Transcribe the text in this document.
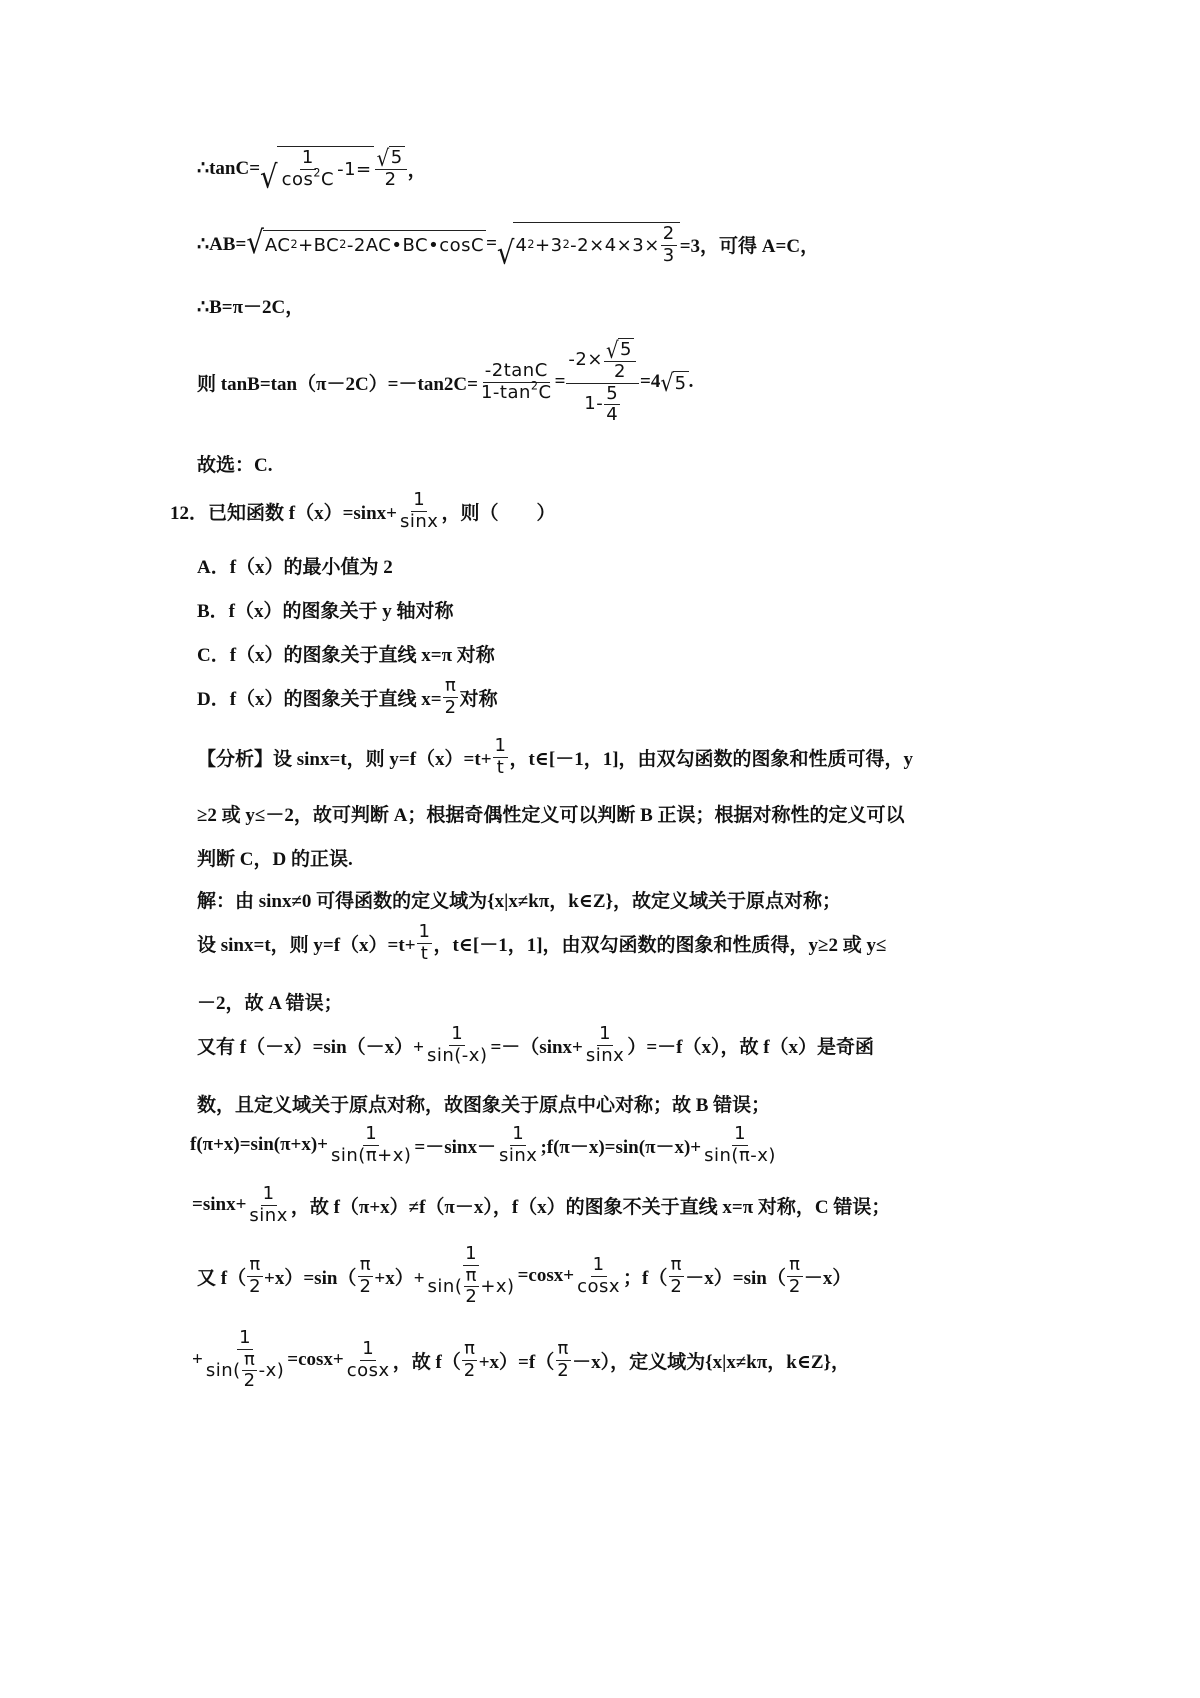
∴tanC= √ $\frac{1}{\cos^2C} -1= \frac{√ 5}{2}$ ，
∴AB= √ AC 2 +BC 2 -2AC•BC•cosC = √ 4 2 +3 2 $-2\times 4\times 3\times \frac{2}{3} =3$，可得 A=C，
∴B=π－2C，
则 $\tan B=\tan(\pi-2C)=-\tan 2C= \frac{-2\tan C}{1-\tan^2C} = \frac{-2\times \frac{√ 5}{2}}{1- \frac{5}{4}} =4$ √ 5 .
故选：C.
12．已知函数 $f(x)=\sin x+ \frac{1}{\sin x}$ ，则（　　）
A．f（x）的最小值为 2
B．f（x）的图象关于 y 轴对称
C．f（x）的图象关于直线 x=π 对称
D．f（x）的图象关于直线 $x= \frac{\pi}{2}$ 对称
【分析】设 sinx=t，则 $y=f(x)=t+ \frac{1}{t}$ ，t∈[－1，1]，由双勾函数的图象和性质可得，y
≥2 或 y≤－2，故可判断 A；根据奇偶性定义可以判断 B 正误；根据对称性的定义可以
判断 C，D 的正误.
解：由 sinx≠0 可得函数的定义域为{x|x≠kπ，k∈Z}，故定义域关于原点对称；
设 sinx=t，则 $y=f(x)=t+ \frac{1}{t}$ ，t∈[－1，1]，由双勾函数的图象和性质得，y≥2 或 y≤
－2，故 A 错误；
又有 $f(-x)=\sin(-x)+ \frac{1}{\sin(-x)} =-(\sin x+ \frac{1}{\sin x} )=-f(x)$，故 f（x）是奇函
数，且定义域关于原点对称，故图象关于原点中心对称；故 B 错误；
$f(\pi+x)=\sin(\pi+x)+ \frac{1}{\sin(\pi+x)} =-\sin x- \frac{1}{\sin x}$ ;f(π－x)=sin(π－x)+ $\frac{1}{\sin(\pi-x)}$
$=\sin x+ \frac{1}{\sin x}$ ，故 f（π+x）≠f（π－x），f（x）的图象不关于直线 x=π 对称，C 错误；
又 $f( \frac{\pi}{2} +x)=\sin( \frac{\pi}{2} +x)+ \frac{1}{\sin( \frac{\pi}{2} +x)} =\cos x+ \frac{1}{\cos x}$ ；$f( \frac{\pi}{2} -x)=\sin( \frac{\pi}{2} -x)$
+ $\frac{1}{\sin( \frac{\pi}{2} -x)} =\cos x+ \frac{1}{\cos x}$ ，故 $f( \frac{\pi}{2} +x)=f( \frac{\pi}{2} -x)$，定义域为{x|x≠kπ，k∈Z}，
